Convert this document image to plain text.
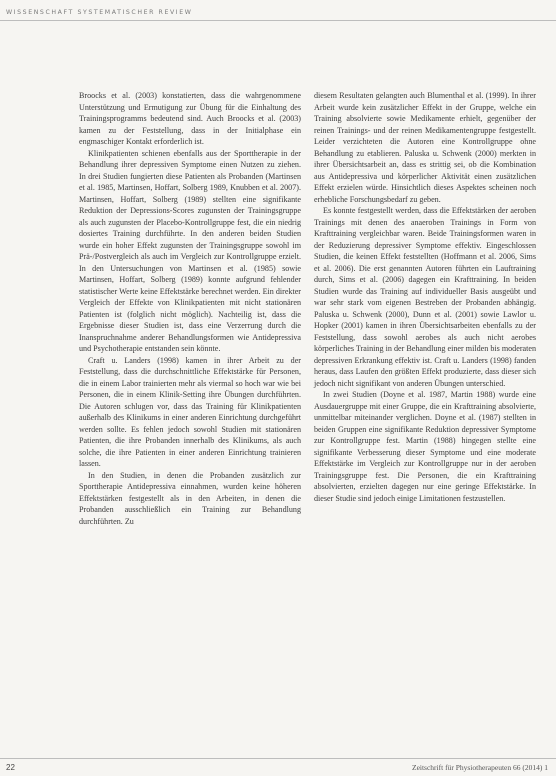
WISSENSCHAFT SYSTEMATISCHER REVIEW

Broocks et al. (2003) konstatierten, dass die wahrgenommene Unterstützung und Ermutigung zur Übung für die Einhaltung des Trainingsprogramms bedeutend sind. Auch Broocks et al. (2003) kamen zu der Feststellung, dass in der Initialphase ein engmaschiger Kontakt erforderlich ist.

Klinikpatienten schienen ebenfalls aus der Sporttherapie in der Behandlung ihrer depressiven Symptome einen Nutzen zu ziehen. In drei Studien fungierten diese Patienten als Probanden (Martinsen et al. 1985, Martinsen, Hoffart, Solberg 1989, Knubben et al. 2007). Martinsen, Hoffart, Solberg (1989) stellten eine signifikante Reduktion der Depressions-Scores zugunsten der Trainingsgruppe als auch zugunsten der Placebo-Kontrollgruppe fest, die ein niedrig dosiertes Training durchführte. In den anderen beiden Studien wurde ein hoher Effekt zugunsten der Trainingsgruppe sowohl im Prä-/Postvergleich als auch im Vergleich zur Kontrollgruppe erzielt. In den Untersuchungen von Martinsen et al. (1985) sowie Martinsen, Hoffart, Solberg (1989) konnte aufgrund fehlender statistischer Werte keine Effektstärke berechnet werden. Ein direkter Vergleich der Effekte von Klinikpatienten mit nicht stationären Patienten ist (folglich nicht möglich). Nachteilig ist, dass die Ergebnisse dieser Studien ist, dass eine Verzerrung durch die Inanspruchnahme anderer Behandlungsformen wie Antidepressiva und Psychotherapie entstanden sein könnte.

Craft u. Landers (1998) kamen in ihrer Arbeit zu der Feststellung, dass die durchschnittliche Effektstärke für Personen, die in einem Labor trainierten mehr als viermal so hoch war wie bei Personen, die in einem Klinik-Setting ihre Übungen durchführten. Die Autoren schlugen vor, dass das Training für Klinikpatienten außerhalb des Klinikums in einer anderen Einrichtung durchgeführt werden sollte. Es fehlen jedoch sowohl Studien mit stationären Patienten, die ihre Probanden innerhalb des Klinikums, als auch solche, die ihre Patienten in einer anderen Einrichtung trainieren lassen.

In den Studien, in denen die Probanden zusätzlich zur Sporttherapie Antidepressiva einnahmen, wurden keine höheren Effektstärken festgestellt als in den Arbeiten, in denen die Probanden ausschließlich ein Training zur Behandlung durchführten. Zu

diesem Resultaten gelangten auch Blumenthal et al. (1999). In ihrer Arbeit wurde kein zusätzlicher Effekt in der Gruppe, welche ein Training absolvierte sowie Medikamente erhielt, gegenüber der reinen Trainings- und der reinen Medikamentengruppe festgestellt. Leider verzichteten die Autoren eine Kontrollgruppe ohne Behandlung zu etablieren. Paluska u. Schwenk (2000) merkten in ihrer Übersichtsarbeit an, dass es strittig sei, ob die Kombination aus Antidepressiva und körperlicher Aktivität einen zusätzlichen Effekt erzielen würde. Hinsichtlich dieses Aspektes scheinen noch erhebliche Forschungsbedarf zu geben.

Es konnte festgestellt werden, dass die Effektstärken der aeroben Trainings mit denen des anaeroben Trainings in Form von Krafttraining vergleichbar waren. Beide Trainingsformen waren in der Reduzierung depressiver Symptome effektiv. Eingeschlossen Studien, die keinen Effekt feststellten (Hoffmann et al. 2006, Sims et al. 2006). Die erst genannten Autoren führten ein Lauftraining durch, Sims et al. (2006) dagegen ein Krafttraining. In beiden Studien wurde das Training auf individueller Basis ausgeübt und war sehr stark vom eigenen Bestreben der Probanden abhängig. Paluska u. Schwenk (2000), Dunn et al. (2001) sowie Lawlor u. Hopker (2001) kamen in ihren Übersichtsarbeiten ebenfalls zu der Feststellung, dass sowohl aerobes als auch nicht aerobes körperliches Training in der Behandlung einer milden bis moderaten depressiven Erkrankung effektiv ist. Craft u. Landers (1998) fanden heraus, dass Laufen den größten Effekt produzierte, dass dieser sich jedoch nicht signifikant von anderen Übungen unterschied.

In zwei Studien (Doyne et al. 1987, Martin 1988) wurde eine Ausdauergruppe mit einer Gruppe, die ein Krafttraining absolvierte, unmittelbar miteinander verglichen. Doyne et al. (1987) stellten in beiden Gruppen eine signifikante Reduktion depressiver Symptome zur Kontrollgruppe fest. Martin (1988) hingegen stellte eine signifikante Verbesserung dieser Symptome und eine moderate Effektstärke im Vergleich zur Kontrollgruppe nur in der aeroben Trainingsgruppe fest. Die Personen, die ein Krafttraining absolvierten, erzielten dagegen nur eine geringe Effektstärke. In dieser Studie sind jedoch einige Limitationen festzustellen.

22	Zeitschrift für Physiotherapeuten 66 (2014) 1
